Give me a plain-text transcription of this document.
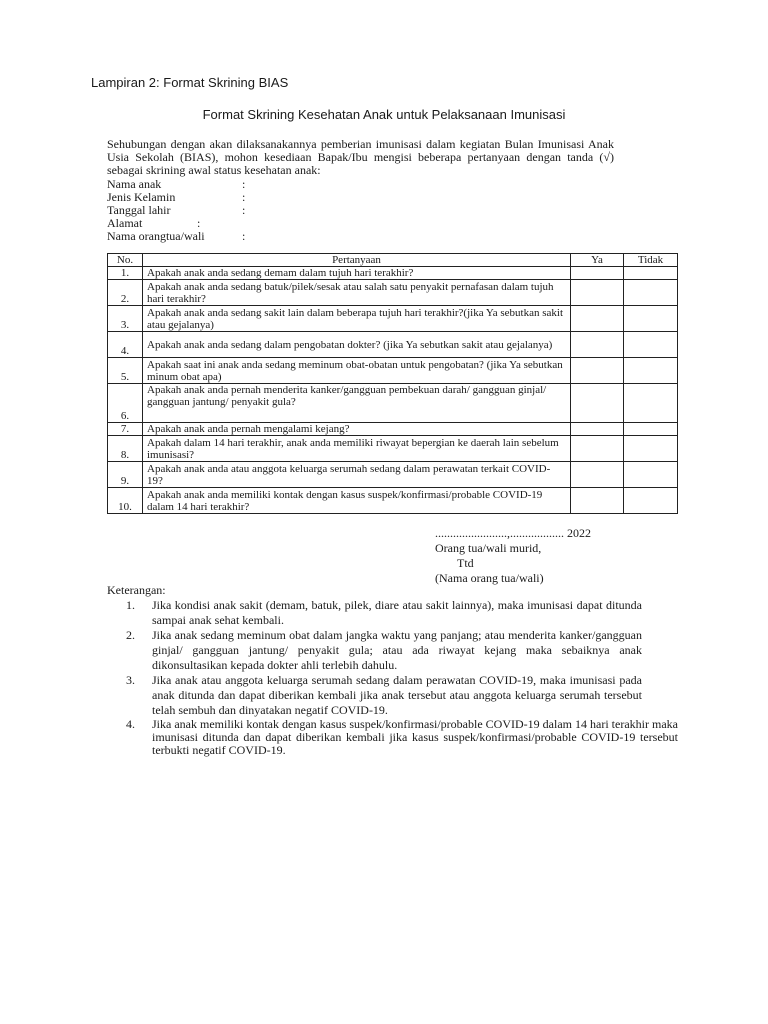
Lampiran 2: Format Skrining BIAS
Format Skrining Kesehatan Anak untuk Pelaksanaan Imunisasi
Sehubungan dengan akan dilaksanakannya pemberian imunisasi dalam kegiatan Bulan Imunisasi Anak Usia Sekolah (BIAS), mohon kesediaan Bapak/Ibu mengisi beberapa pertanyaan dengan tanda (√) sebagai skrining awal status kesehatan anak:
Nama anak	:
Jenis Kelamin	:
Tanggal lahir	:
Alamat	:
Nama orangtua/wali	:
No.	Pertanyaan	Ya	Tidak
1.	Apakah anak anda sedang demam dalam tujuh hari terakhir?		
2.	Apakah anak anda sedang batuk/pilek/sesak atau salah satu penyakit pernafasan dalam tujuh hari terakhir?		
3.	Apakah anak anda sedang sakit lain dalam beberapa tujuh hari terakhir?(jika Ya sebutkan sakit atau gejalanya)		
4.	Apakah anak anda sedang dalam pengobatan dokter? (jika Ya sebutkan sakit atau gejalanya)		
5.	Apakah saat ini anak anda sedang meminum obat-obatan untuk pengobatan? (jika Ya sebutkan minum obat apa)		
6.	Apakah anak anda pernah menderita kanker/gangguan pembekuan darah/ gangguan ginjal/ gangguan jantung/ penyakit gula?		
7.	Apakah anak anda pernah mengalami kejang?		
8.	Apakah dalam 14 hari terakhir, anak anda memiliki riwayat bepergian ke daerah lain sebelum imunisasi?		
9.	Apakah anak anda atau anggota keluarga serumah sedang dalam perawatan terkait COVID-19?		
10.	Apakah anak anda memiliki kontak dengan kasus suspek/konfirmasi/probable COVID-19 dalam 14 hari terakhir?		
........................,.................. 2022
Orang tua/wali murid,
Ttd
(Nama orang tua/wali)
Keterangan:
1. Jika kondisi anak sakit (demam, batuk, pilek, diare atau sakit lainnya), maka imunisasi dapat ditunda sampai anak sehat kembali.
2. Jika anak sedang meminum obat dalam jangka waktu yang panjang; atau menderita kanker/gangguan ginjal/ gangguan jantung/ penyakit gula; atau ada riwayat kejang maka sebaiknya anak dikonsultasikan kepada dokter ahli terlebih dahulu.
3. Jika anak atau anggota keluarga serumah sedang dalam perawatan COVID-19, maka imunisasi pada anak ditunda dan dapat diberikan kembali jika anak tersebut atau anggota keluarga serumah tersebut telah sembuh dan dinyatakan negatif COVID-19.
4. Jika anak memiliki kontak dengan kasus suspek/konfirmasi/probable COVID-19 dalam 14 hari terakhir maka imunisasi ditunda dan dapat diberikan kembali jika kasus suspek/konfirmasi/probable COVID-19 tersebut terbukti negatif COVID-19.
